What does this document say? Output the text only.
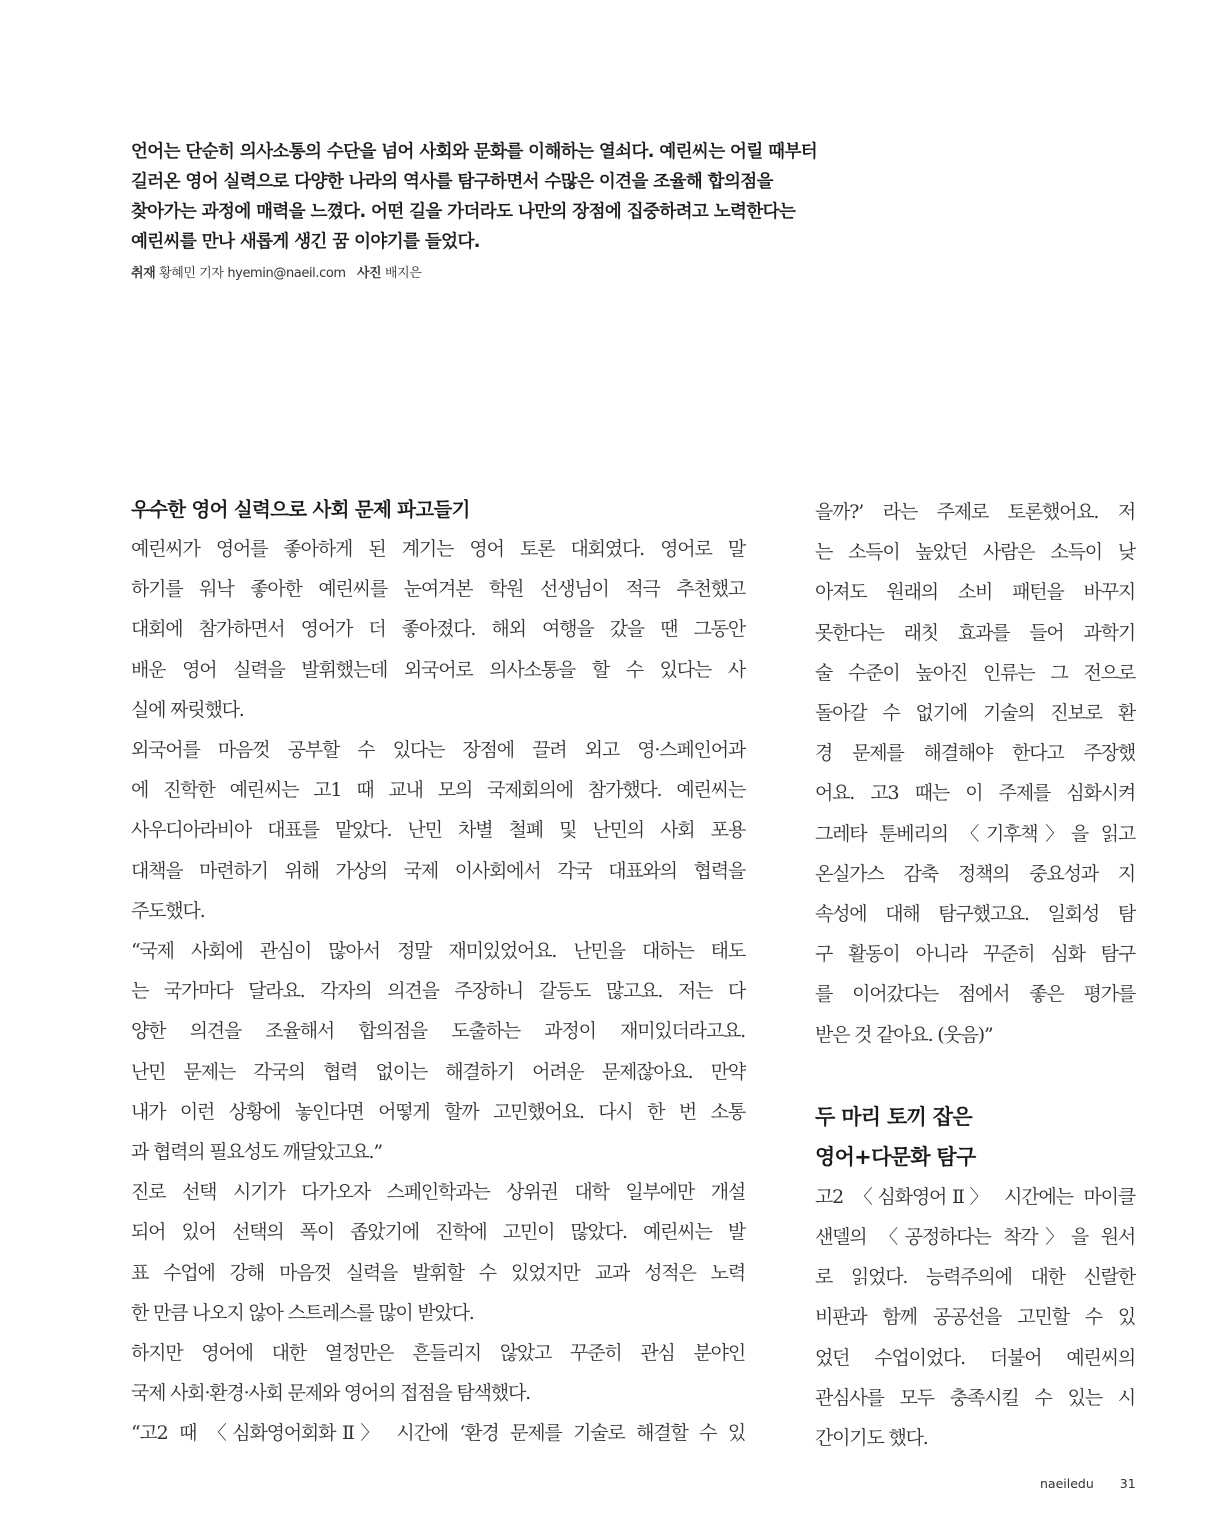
언어는 단순히 의사소통의 수단을 넘어 사회와 문화를 이해하는 열쇠다. 예린씨는 어릴 때부터

길러온 영어 실력으로 다양한 나라의 역사를 탐구하면서 수많은 이견을 조율해 합의점을

찾아가는 과정에 매력을 느꼈다. 어떤 길을 가더라도 나만의 장점에 집중하려고 노력한다는

예린씨를 만나 새롭게 생긴 꿈 이야기를 들었다.

취재 황혜민 기자 hyemin@naeil.com 사진 배지은
우수한 영어 실력으로 사회 문제 파고들기

예린씨가 영어를 좋아하게 된 계기는 영어 토론 대회였다. 영어로 말

하기를 워낙 좋아한 예린씨를 눈여겨본 학원 선생님이 적극 추천했고

대회에 참가하면서 영어가 더 좋아졌다. 해외 여행을 갔을 땐 그동안

배운 영어 실력을 발휘했는데 외국어로 의사소통을 할 수 있다는 사

실에 짜릿했다.

외국어를 마음껏 공부할 수 있다는 장점에 끌려 외고 영·스페인어과

에 진학한 예린씨는 고1 때 교내 모의 국제회의에 참가했다. 예린씨는

사우디아라비아 대표를 맡았다. 난민 차별 철폐 및 난민의 사회 포용

대책을 마련하기 위해 가상의 국제 이사회에서 각국 대표와의 협력을

주도했다.

“국제 사회에 관심이 많아서 정말 재미있었어요. 난민을 대하는 태도

는 국가마다 달라요. 각자의 의견을 주장하니 갈등도 많고요. 저는 다

양한 의견을 조율해서 합의점을 도출하는 과정이 재미있더라고요.

난민 문제는 각국의 협력 없이는 해결하기 어려운 문제잖아요. 만약

내가 이런 상황에 놓인다면 어떻게 할까 고민했어요. 다시 한 번 소통

과 협력의 필요성도 깨달았고요.”

진로 선택 시기가 다가오자 스페인학과는 상위권 대학 일부에만 개설

되어 있어 선택의 폭이 좁았기에 진학에 고민이 많았다. 예린씨는 발

표 수업에 강해 마음껏 실력을 발휘할 수 있었지만 교과 성적은 노력

한 만큼 나오지 않아 스트레스를 많이 받았다.

하지만 영어에 대한 열정만은 흔들리지 않았고 꾸준히 관심 분야인

국제 사회·환경·사회 문제와 영어의 접점을 탐색했다.

“고2 때 〈심화영어회화Ⅱ〉 시간에 ‘환경 문제를 기술로 해결할 수 있

을까?’ 라는 주제로 토론했어요. 저

는 소득이 높았던 사람은 소득이 낮

아져도 원래의 소비 패턴을 바꾸지

못한다는 래칫 효과를 들어 과학기

술 수준이 높아진 인류는 그 전으로

돌아갈 수 없기에 기술의 진보로 환

경 문제를 해결해야 한다고 주장했

어요. 고3 때는 이 주제를 심화시켜

그레타 툰베리의 〈기후책〉을 읽고

온실가스 감축 정책의 중요성과 지

속성에 대해 탐구했고요. 일회성 탐

구 활동이 아니라 꾸준히 심화 탐구

를 이어갔다는 점에서 좋은 평가를

받은 것 같아요. (웃음)”

두 마리 토끼 잡은
영어+다문화 탐구

고2 〈심화영어Ⅱ〉 시간에는 마이클

샌델의 〈공정하다는 착각〉을 원서

로 읽었다. 능력주의에 대한 신랄한

비판과 함께 공공선을 고민할 수 있

었던 수업이었다. 더불어 예린씨의

관심사를 모두 충족시킬 수 있는 시

간이기도 했다.

naeiledu 31
